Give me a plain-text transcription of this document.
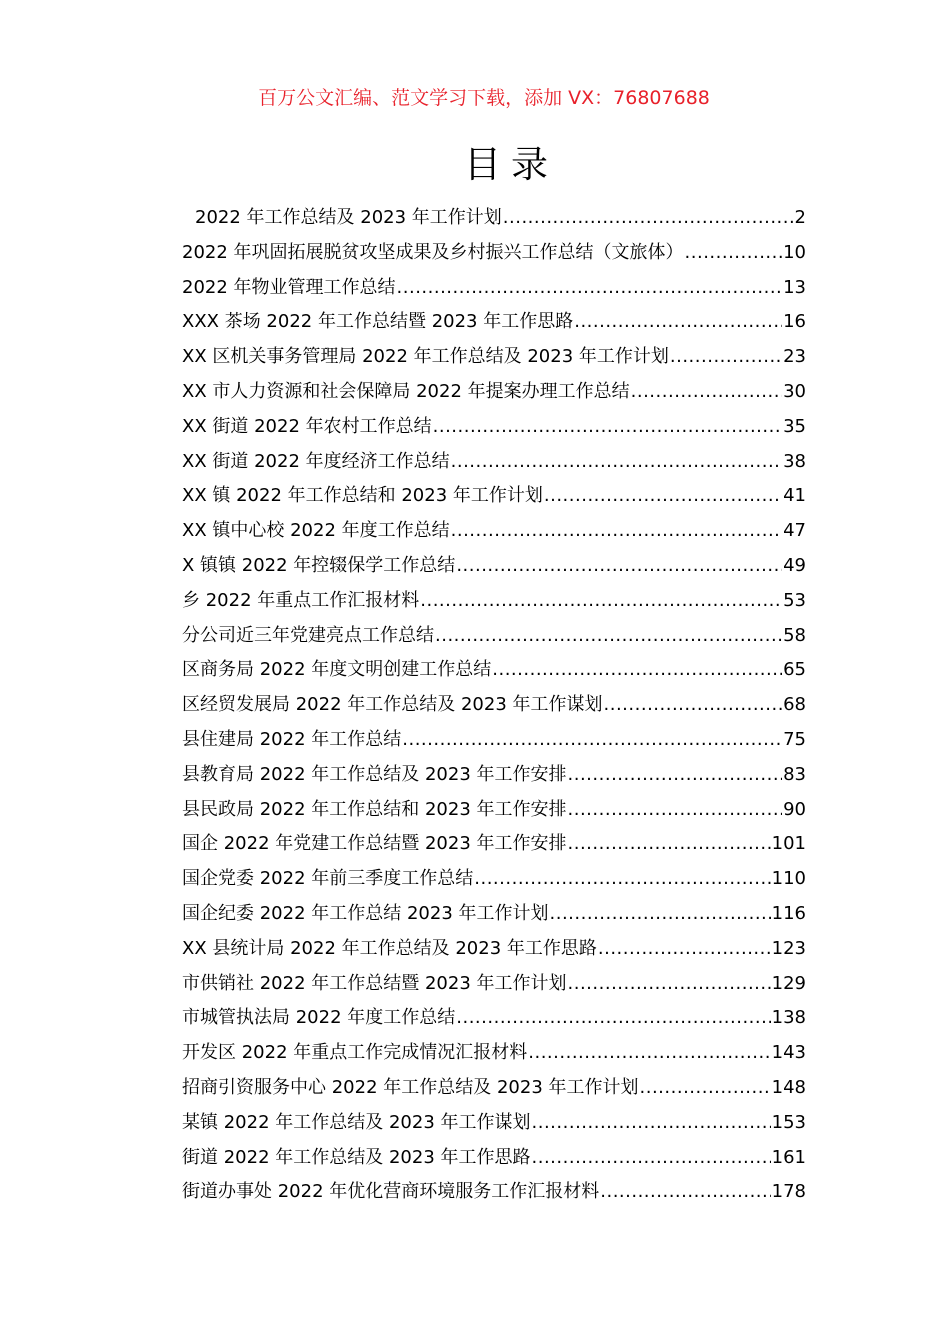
百万公文汇编、范文学习下载，添加 VX：76807688
目录
2022 年工作总结及 2023 年工作计划 .....	2
2022 年巩固拓展脱贫攻坚成果及乡村振兴工作总结（文旅体） .....	10
2022 年物业管理工作总结 .....	13
XXX 茶场 2022 年工作总结暨 2023 年工作思路 .....	16
XX 区机关事务管理局 2022 年工作总结及 2023 年工作计划 .....	23
XX 市人力资源和社会保障局 2022 年提案办理工作总结 .....	30
XX 街道 2022 年农村工作总结 .....	35
XX 街道 2022 年度经济工作总结 .....	38
XX 镇 2022 年工作总结和 2023 年工作计划 .....	41
XX 镇中心校 2022 年度工作总结 .....	47
X 镇镇 2022 年控辍保学工作总结 .....	49
乡 2022 年重点工作汇报材料 .....	53
分公司近三年党建亮点工作总结 .....	58
区商务局 2022 年度文明创建工作总结 .....	65
区经贸发展局 2022 年工作总结及 2023 年工作谋划 .....	68
县住建局 2022 年工作总结 .....	75
县教育局 2022 年工作总结及 2023 年工作安排 .....	83
县民政局 2022 年工作总结和 2023 年工作安排 .....	90
国企 2022 年党建工作总结暨 2023 年工作安排 .....	101
国企党委 2022 年前三季度工作总结 .....	110
国企纪委 2022 年工作总结 2023 年工作计划 .....	116
XX 县统计局 2022 年工作总结及 2023 年工作思路 .....	123
市供销社 2022 年工作总结暨 2023 年工作计划 .....	129
市城管执法局 2022 年度工作总结 .....	138
开发区 2022 年重点工作完成情况汇报材料 .....	143
招商引资服务中心 2022 年工作总结及 2023 年工作计划 .....	148
某镇 2022 年工作总结及 2023 年工作谋划 .....	153
街道 2022 年工作总结及 2023 年工作思路 .....	161
街道办事处 2022 年优化营商环境服务工作汇报材料 .....	178
